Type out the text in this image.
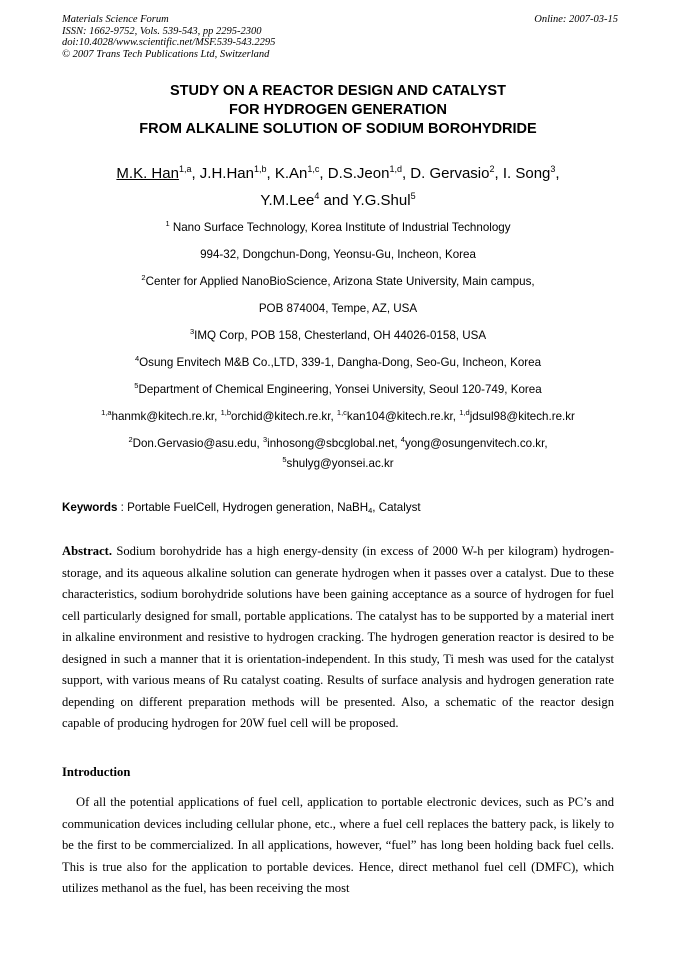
Materials Science Forum
ISSN: 1662-9752, Vols. 539-543, pp 2295-2300
doi:10.4028/www.scientific.net/MSF.539-543.2295
© 2007 Trans Tech Publications Ltd, Switzerland
Online: 2007-03-15
STUDY ON A REACTOR DESIGN AND CATALYST
FOR HYDROGEN GENERATION
FROM ALKALINE SOLUTION OF SODIUM BOROHYDRIDE
M.K. Han$^{1,a}$, J.H.Han$^{1,b}$, K.An$^{1,c}$, D.S.Jeon$^{1,d}$, D. Gervasio$^2$, I. Song$^3$,
Y.M.Lee$^4$ and Y.G.Shul$^5$
$^1$ Nano Surface Technology, Korea Institute of Industrial Technology
994-32, Dongchun-Dong, Yeonsu-Gu, Incheon, Korea
$^2$Center for Applied NanoBioScience, Arizona State University, Main campus,
POB 874004, Tempe, AZ, USA
$^3$IMQ Corp, POB 158, Chesterland, OH 44026-0158, USA
$^4$Osung Envitech M&B Co.,LTD, 339-1, Dangha-Dong, Seo-Gu, Incheon, Korea
$^5$Department of Chemical Engineering, Yonsei University, Seoul 120-749, Korea
$^{1,a}$hanmk@kitech.re.kr, $^{1,b}$orchid@kitech.re.kr, $^{1,c}$kan104@kitech.re.kr, $^{1,d}$jdsul98@kitech.re.kr
$^2$Don.Gervasio@asu.edu, $^3$inhosong@sbcglobal.net, $^4$yong@osungenvitech.co.kr,
$^5$shulyg@yonsei.ac.kr
Keywords : Portable FuelCell, Hydrogen generation, NaBH$_4$, Catalyst

Abstract. Sodium borohydride has a high energy-density (in excess of 2000 W-h per kilogram) hydrogen-storage, and its aqueous alkaline solution can generate hydrogen when it passes over a catalyst. Due to these characteristics, sodium borohydride solutions have been gaining acceptance as a source of hydrogen for fuel cell particularly designed for small, portable applications. The catalyst has to be supported by a material inert in alkaline environment and resistive to hydrogen cracking. The hydrogen generation reactor is desired to be designed in such a manner that it is orientation-independent. In this study, Ti mesh was used for the catalyst support, with various means of Ru catalyst coating. Results of surface analysis and hydrogen generation rate depending on different preparation methods will be presented. Also, a schematic of the reactor design capable of producing hydrogen for 20W fuel cell will be proposed.

Introduction

Of all the potential applications of fuel cell, application to portable electronic devices, such as PC’s and communication devices including cellular phone, etc., where a fuel cell replaces the battery pack, is likely to be the first to be commercialized. In all applications, however, “fuel” has long been holding back fuel cells. This is true also for the application to portable devices. Hence, direct methanol fuel cell (DMFC), which utilizes methanol as the fuel, has been receiving the most
